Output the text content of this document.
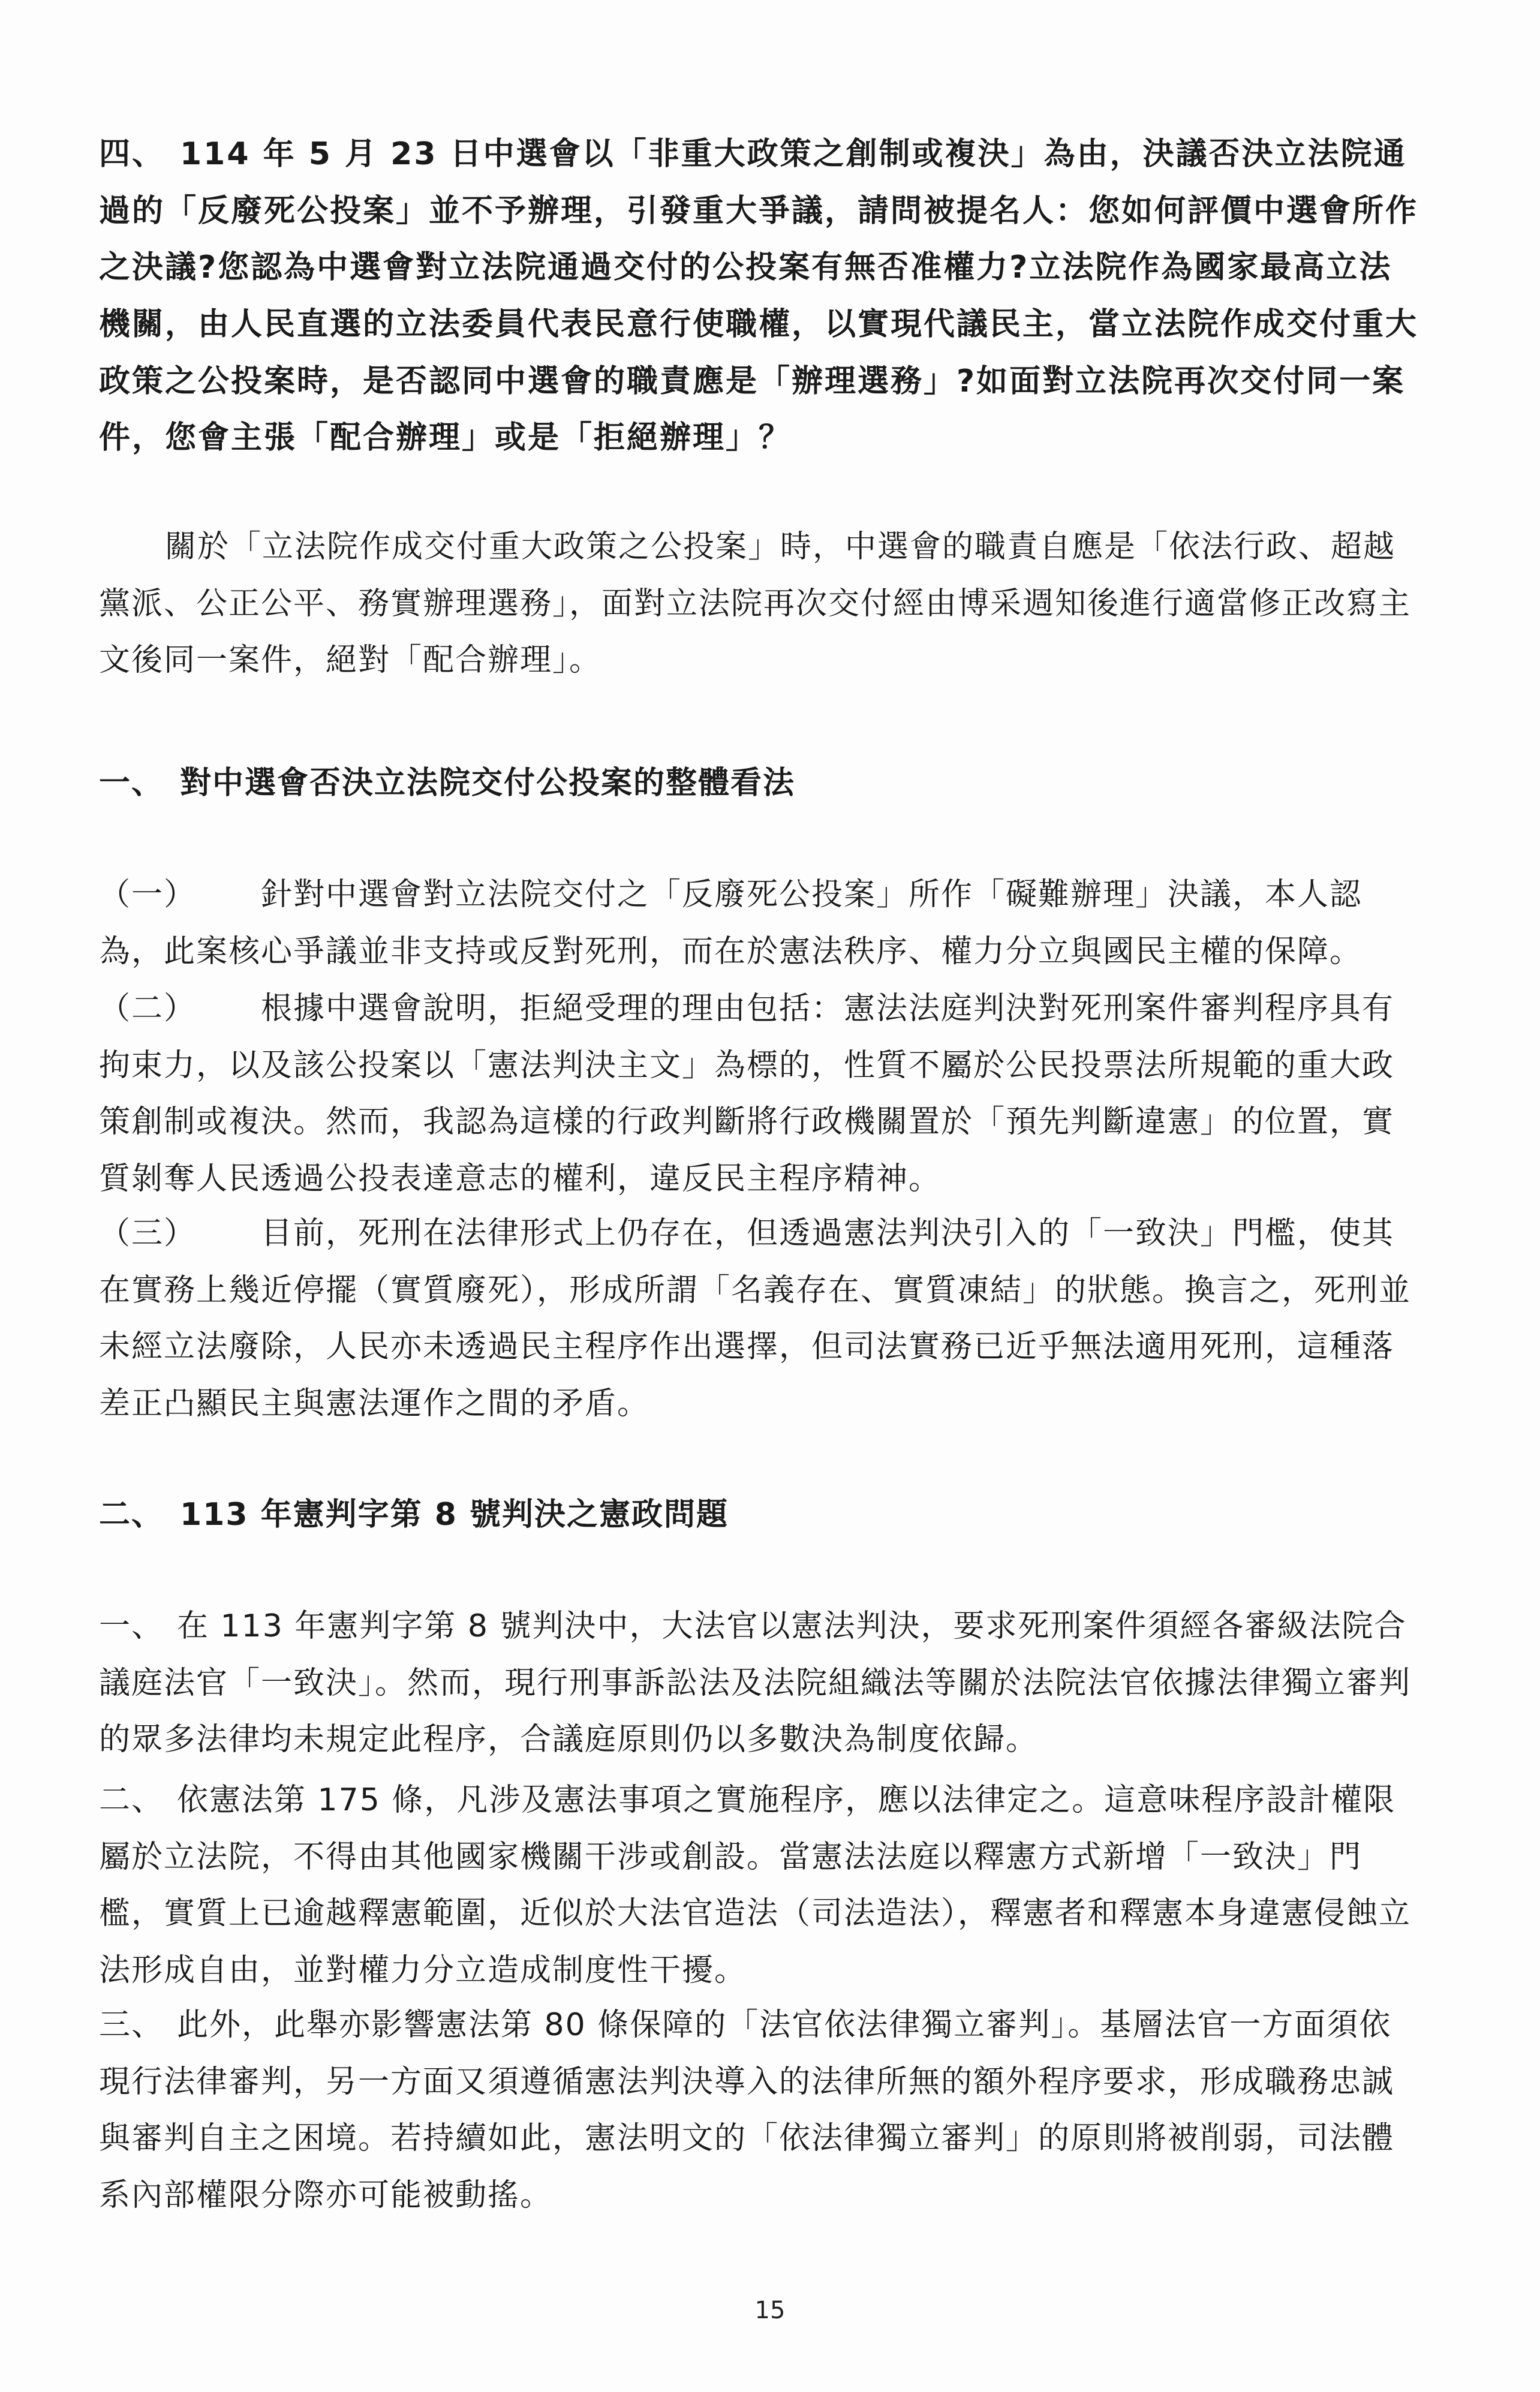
四、 114 年 5 月 23 日中選會以「非重大政策之創制或複決」為由，決議否決立法院通過的「反廢死公投案」並不予辦理，引發重大爭議，請問被提名人：您如何評價中選會所作之決議?您認為中選會對立法院通過交付的公投案有無否准權力?立法院作為國家最高立法機關，由人民直選的立法委員代表民意行使職權，以實現代議民主，當立法院作成交付重大政策之公投案時，是否認同中選會的職責應是「辦理選務」?如面對立法院再次交付同一案件，您會主張「配合辦理」或是「拒絕辦理」？

關於「立法院作成交付重大政策之公投案」時，中選會的職責自應是「依法行政、超越黨派、公正公平、務實辦理選務」，面對立法院再次交付經由博采週知後進行適當修正改寫主文後同一案件，絕對「配合辦理」。

一、 對中選會否決立法院交付公投案的整體看法

（一） 針對中選會對立法院交付之「反廢死公投案」所作「礙難辦理」決議，本人認為，此案核心爭議並非支持或反對死刑，而在於憲法秩序、權力分立與國民主權的保障。

（二） 根據中選會說明，拒絕受理的理由包括：憲法法庭判決對死刑案件審判程序具有拘束力，以及該公投案以「憲法判決主文」為標的，性質不屬於公民投票法所規範的重大政策創制或複決。然而，我認為這樣的行政判斷將行政機關置於「預先判斷違憲」的位置，實質剝奪人民透過公投表達意志的權利，違反民主程序精神。

（三） 目前，死刑在法律形式上仍存在，但透過憲法判決引入的「一致決」門檻，使其在實務上幾近停擺（實質廢死），形成所謂「名義存在、實質凍結」的狀態。換言之，死刑並未經立法廢除，人民亦未透過民主程序作出選擇，但司法實務已近乎無法適用死刑，這種落差正凸顯民主與憲法運作之間的矛盾。

二、 113 年憲判字第 8 號判決之憲政問題

一、 在 113 年憲判字第 8 號判決中，大法官以憲法判決，要求死刑案件須經各審級法院合議庭法官「一致決」。然而，現行刑事訴訟法及法院組織法等關於法院法官依據法律獨立審判的眾多法律均未規定此程序，合議庭原則仍以多數決為制度依歸。

二、 依憲法第 175 條，凡涉及憲法事項之實施程序，應以法律定之。這意味程序設計權限屬於立法院，不得由其他國家機關干涉或創設。當憲法法庭以釋憲方式新增「一致決」門檻，實質上已逾越釋憲範圍，近似於大法官造法（司法造法），釋憲者和釋憲本身違憲侵蝕立法形成自由，並對權力分立造成制度性干擾。

三、 此外，此舉亦影響憲法第 80 條保障的「法官依法律獨立審判」。基層法官一方面須依現行法律審判，另一方面又須遵循憲法判決導入的法律所無的額外程序要求，形成職務忠誠與審判自主之困境。若持續如此，憲法明文的「依法律獨立審判」的原則將被削弱，司法體系內部權限分際亦可能被動搖。

15
